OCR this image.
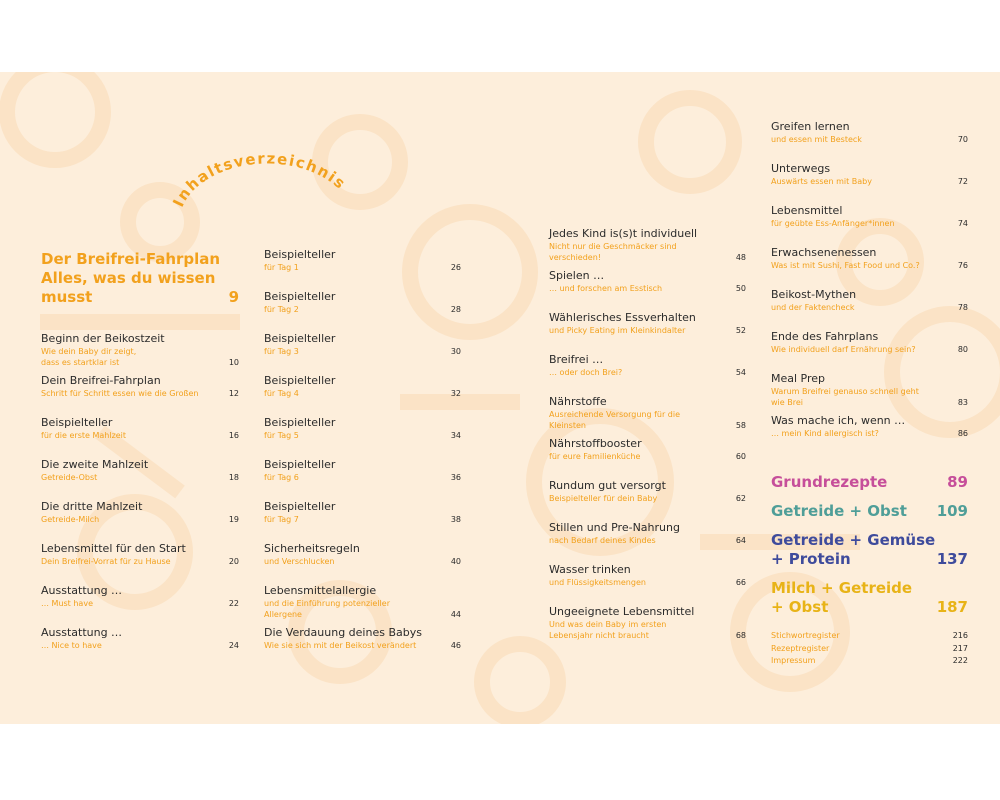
Inhaltsverzeichnis
Der Breifrei-Fahrplan
Alles, was du wissen
musst	9
Beginn der Beikostzeit
Wie dein Baby dir zeigt,
dass es startklar ist	10
Dein Breifrei-Fahrplan
Schritt für Schritt essen wie die Großen	12
Beispielteller
für die erste Mahlzeit	16
Die zweite Mahlzeit
Getreide-Obst	18
Die dritte Mahlzeit
Getreide-Milch	19
Lebensmittel für den Start
Dein Breifrei-Vorrat für zu Hause	20
Ausstattung …
… Must have	22
Ausstattung …
… Nice to have	24
Beispielteller
für Tag 1	26
Beispielteller
für Tag 2	28
Beispielteller
für Tag 3	30
Beispielteller
für Tag 4	32
Beispielteller
für Tag 5	34
Beispielteller
für Tag 6	36
Beispielteller
für Tag 7	38
Sicherheitsregeln
und Verschlucken	40
Lebensmittelallergie
und die Einführung potenzieller
Allergene	44
Die Verdauung deines Babys
Wie sie sich mit der Beikost verändert	46
Jedes Kind is(s)t individuell
Nicht nur die Geschmäcker sind
verschieden!	48
Spielen …
… und forschen am Esstisch	50
Wählerisches Essverhalten
und Picky Eating im Kleinkindalter	52
Breifrei …
… oder doch Brei?	54
Nährstoffe
Ausreichende Versorgung für die
Kleinsten	58
Nährstoffbooster
für eure Familienküche	60
Rundum gut versorgt
Beispielteller für dein Baby	62
Stillen und Pre-Nahrung
nach Bedarf deines Kindes	64
Wasser trinken
und Flüssigkeitsmengen	66
Ungeeignete Lebensmittel
Und was dein Baby im ersten
Lebensjahr nicht braucht	68
Grundrezepte	89
Getreide + Obst 109
Getreide + Gemüse
+ Protein	137
Milch + Getreide
+ Obst	187
Stichwortregister	216
Rezeptregister	217
Impressum	222
Greifen lernen
und essen mit Besteck	70
Unterwegs
Auswärts essen mit Baby	72
Lebensmittel
für geübte Ess-Anfänger*innen	74
Erwachsenenessen
Was ist mit Sushi, Fast Food und Co.?	76
Beikost-Mythen
und der Faktencheck	78
Ende des Fahrplans
Wie individuell darf Ernährung sein?	80
Meal Prep
Warum Breifrei genauso schnell geht
wie Brei	83
Was mache ich, wenn …
… mein Kind allergisch ist?	86
